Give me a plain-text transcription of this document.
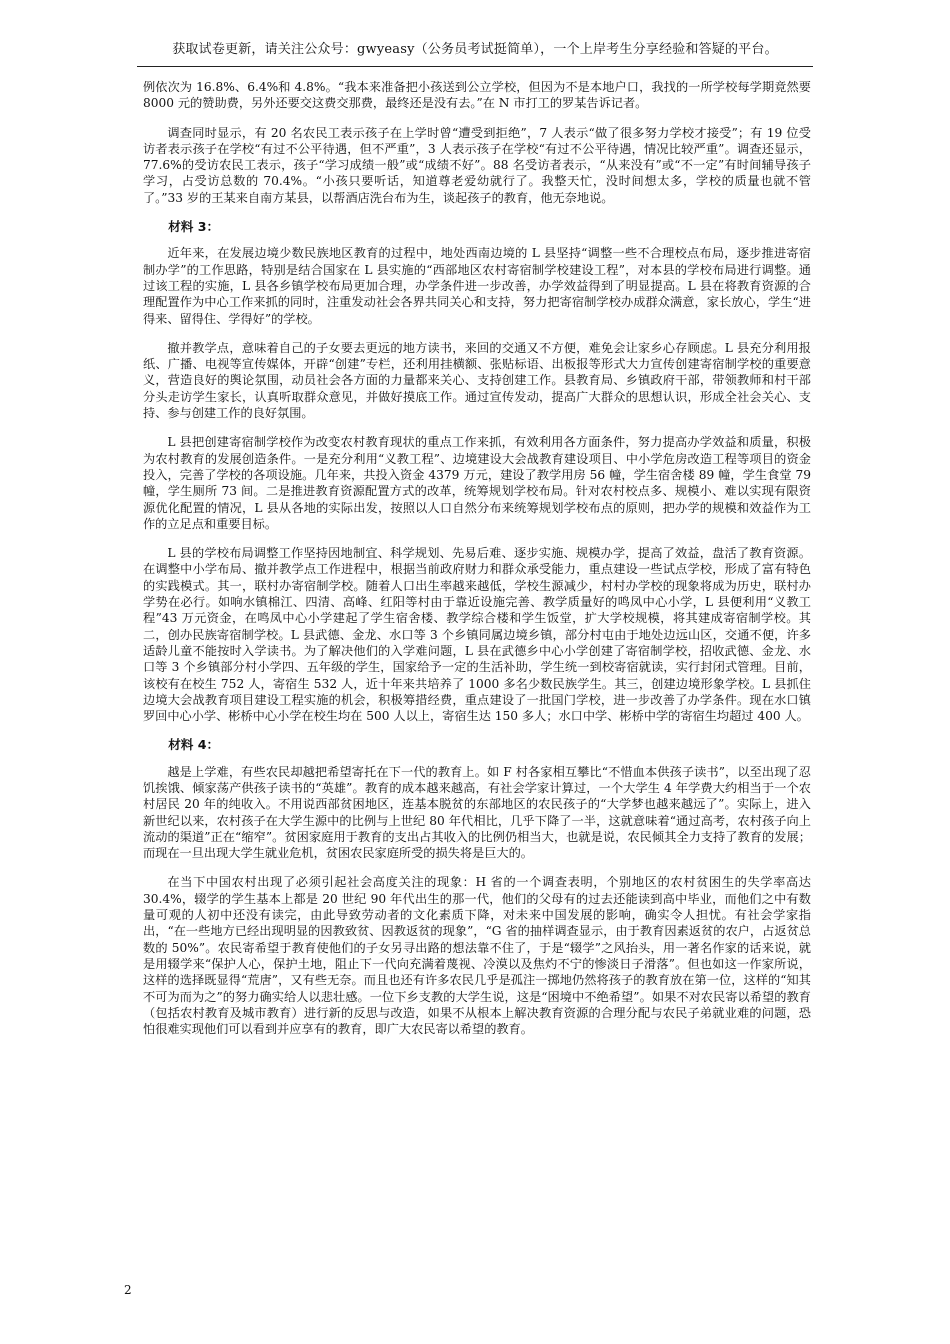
获取试卷更新，请关注公众号：gwyeasy（公务员考试挺简单），一个上岸考生分享经验和答疑的平台。

例依次为 16.8%、6.4%和 4.8%。“我本来准备把小孩送到公立学校，但因为不是本地户口，我找的一所学校每学期竟然要 8000 元的赞助费，另外还要交这费交那费，最终还是没有去。”在 N 市打工的罗某告诉记者。

调查同时显示，有 20 名农民工表示孩子在上学时曾“遭受到拒绝”，7 人表示“做了很多努力学校才接受”；有 19 位受访者表示孩子在学校“有过不公平待遇，但不严重”，3 人表示孩子在学校“有过不公平待遇，情况比较严重”。调查还显示，77.6%的受访农民工表示，孩子“学习成绩一般”或“成绩不好”。88 名受访者表示，“从来没有”或“不一定”有时间辅导孩子学习，占受访总数的 70.4%。“小孩只要听话，知道尊老爱幼就行了。我整天忙，没时间想太多，学校的质量也就不管了。”33 岁的王某来自南方某县，以帮酒店洗台布为生，谈起孩子的教育，他无奈地说。

材料 3：

近年来，在发展边境少数民族地区教育的过程中，地处西南边境的 L 县坚持“调整一些不合理校点布局，逐步推进寄宿制办学”的工作思路，特别是结合国家在 L 县实施的“西部地区农村寄宿制学校建设工程”，对本县的学校布局进行调整。通过该工程的实施，L 县各乡镇学校布局更加合理，办学条件进一步改善，办学效益得到了明显提高。L 县在将教育资源的合理配置作为中心工作来抓的同时，注重发动社会各界共同关心和支持，努力把寄宿制学校办成群众满意，家长放心，学生“进得来、留得住、学得好”的学校。

撤并教学点，意味着自己的子女要去更远的地方读书，来回的交通又不方便，难免会让家乡心存顾虑。L 县充分利用报纸、广播、电视等宣传媒体，开辟“创建”专栏，还利用挂横额、张贴标语、出板报等形式大力宣传创建寄宿制学校的重要意义，营造良好的舆论氛围，动员社会各方面的力量都来关心、支持创建工作。县教育局、乡镇政府干部，带领教师和村干部分头走访学生家长，认真听取群众意见，并做好摸底工作。通过宣传发动，提高广大群众的思想认识，形成全社会关心、支持、参与创建工作的良好氛围。

L 县把创建寄宿制学校作为改变农村教育现状的重点工作来抓，有效利用各方面条件，努力提高办学效益和质量，积极为农村教育的发展创造条件。一是充分利用“义教工程”、边境建设大会战教育建设项目、中小学危房改造工程等项目的资金投入，完善了学校的各项设施。几年来，共投入资金 4379 万元，建设了教学用房 56 幢，学生宿舍楼 89 幢，学生食堂 79 幢，学生厕所 73 间。二是推进教育资源配置方式的改革，统筹规划学校布局。针对农村校点多、规模小、难以实现有限资源优化配置的情况，L 县从各地的实际出发，按照以人口自然分布来统筹规划学校布点的原则，把办学的规模和效益作为工作的立足点和重要目标。

L 县的学校布局调整工作坚持因地制宜、科学规划、先易后难、逐步实施、规模办学，提高了效益，盘活了教育资源。在调整中小学布局、撤并教学点工作进程中，根据当前政府财力和群众承受能力，重点建设一些试点学校，形成了富有特色的实践模式。其一，联村办寄宿制学校。随着人口出生率越来越低，学校生源减少，村村办学校的现象将成为历史，联村办学势在必行。如响水镇棉江、四清、高峰、红阳等村由于靠近设施完善、教学质量好的鸣凤中心小学，L 县便利用“义教工程”43 万元资金，在鸣凤中心小学建起了学生宿舍楼、教学综合楼和学生饭堂，扩大学校规模，将其建成寄宿制学校。其二，创办民族寄宿制学校。L 县武德、金龙、水口等 3 个乡镇同属边境乡镇，部分村屯由于地处边远山区，交通不便，许多适龄儿童不能按时入学读书。为了解决他们的入学难问题，L 县在武德乡中心小学创建了寄宿制学校，招收武德、金龙、水口等 3 个乡镇部分村小学四、五年级的学生，国家给予一定的生活补助，学生统一到校寄宿就读，实行封闭式管理。目前，该校有在校生 752 人，寄宿生 532 人，近十年来共培养了 1000 多名少数民族学生。其三，创建边境形象学校。L 县抓住边境大会战教育项目建设工程实施的机会，积极筹措经费，重点建设了一批国门学校，进一步改善了办学条件。现在水口镇罗回中心小学、彬桥中心小学在校生均在 500 人以上，寄宿生达 150 多人；水口中学、彬桥中学的寄宿生均超过 400 人。

材料 4：

越是上学难，有些农民却越把希望寄托在下一代的教育上。如 F 村各家相互攀比“不惜血本供孩子读书”，以至出现了忍饥挨饿、倾家荡产供孩子读书的“英雄”。教育的成本越来越高，有社会学家计算过，一个大学生 4 年学费大约相当于一个农村居民 20 年的纯收入。不用说西部贫困地区，连基本脱贫的东部地区的农民孩子的“大学梦也越来越远了”。实际上，进入新世纪以来，农村孩子在大学生源中的比例与上世纪 80 年代相比，几乎下降了一半，这就意味着“通过高考，农村孩子向上流动的渠道”正在“缩窄”。贫困家庭用于教育的支出占其收入的比例仍相当大，也就是说，农民倾其全力支持了教育的发展；而现在一旦出现大学生就业危机，贫困农民家庭所受的损失将是巨大的。

在当下中国农村出现了必须引起社会高度关注的现象：H 省的一个调查表明，个别地区的农村贫困生的失学率高达 30.4%，辍学的学生基本上都是 20 世纪 90 年代出生的那一代，他们的父母有的过去还能读到高中毕业，而他们之中有数量可观的人初中还没有读完，由此导致劳动者的文化素质下降，对未来中国发展的影响，确实令人担忧。有社会学家指出，“在一些地方已经出现明显的因教致贫、因教返贫的现象”，“G 省的抽样调查显示，由于教育因素返贫的农户，占返贫总数的 50%”。农民寄希望于教育使他们的子女另寻出路的想法靠不住了，于是“辍学”之风抬头，用一著名作家的话来说，就是用辍学来“保护人心，保护土地，阻止下一代向充满着蔑视、冷漠以及焦灼不宁的惨淡日子滑落”。但也如这一作家所说，这样的选择既显得“荒唐”，又有些无奈。而且也还有许多农民几乎是孤注一掷地仍然将孩子的教育放在第一位，这样的“知其不可为而为之”的努力确实给人以悲壮感。一位下乡支教的大学生说，这是“困境中不绝希望”。如果不对农民寄以希望的教育（包括农村教育及城市教育）进行新的反思与改造，如果不从根本上解决教育资源的合理分配与农民子弟就业难的问题，恐怕很难实现他们可以看到并应享有的教育，即广大农民寄以希望的教育。

2
